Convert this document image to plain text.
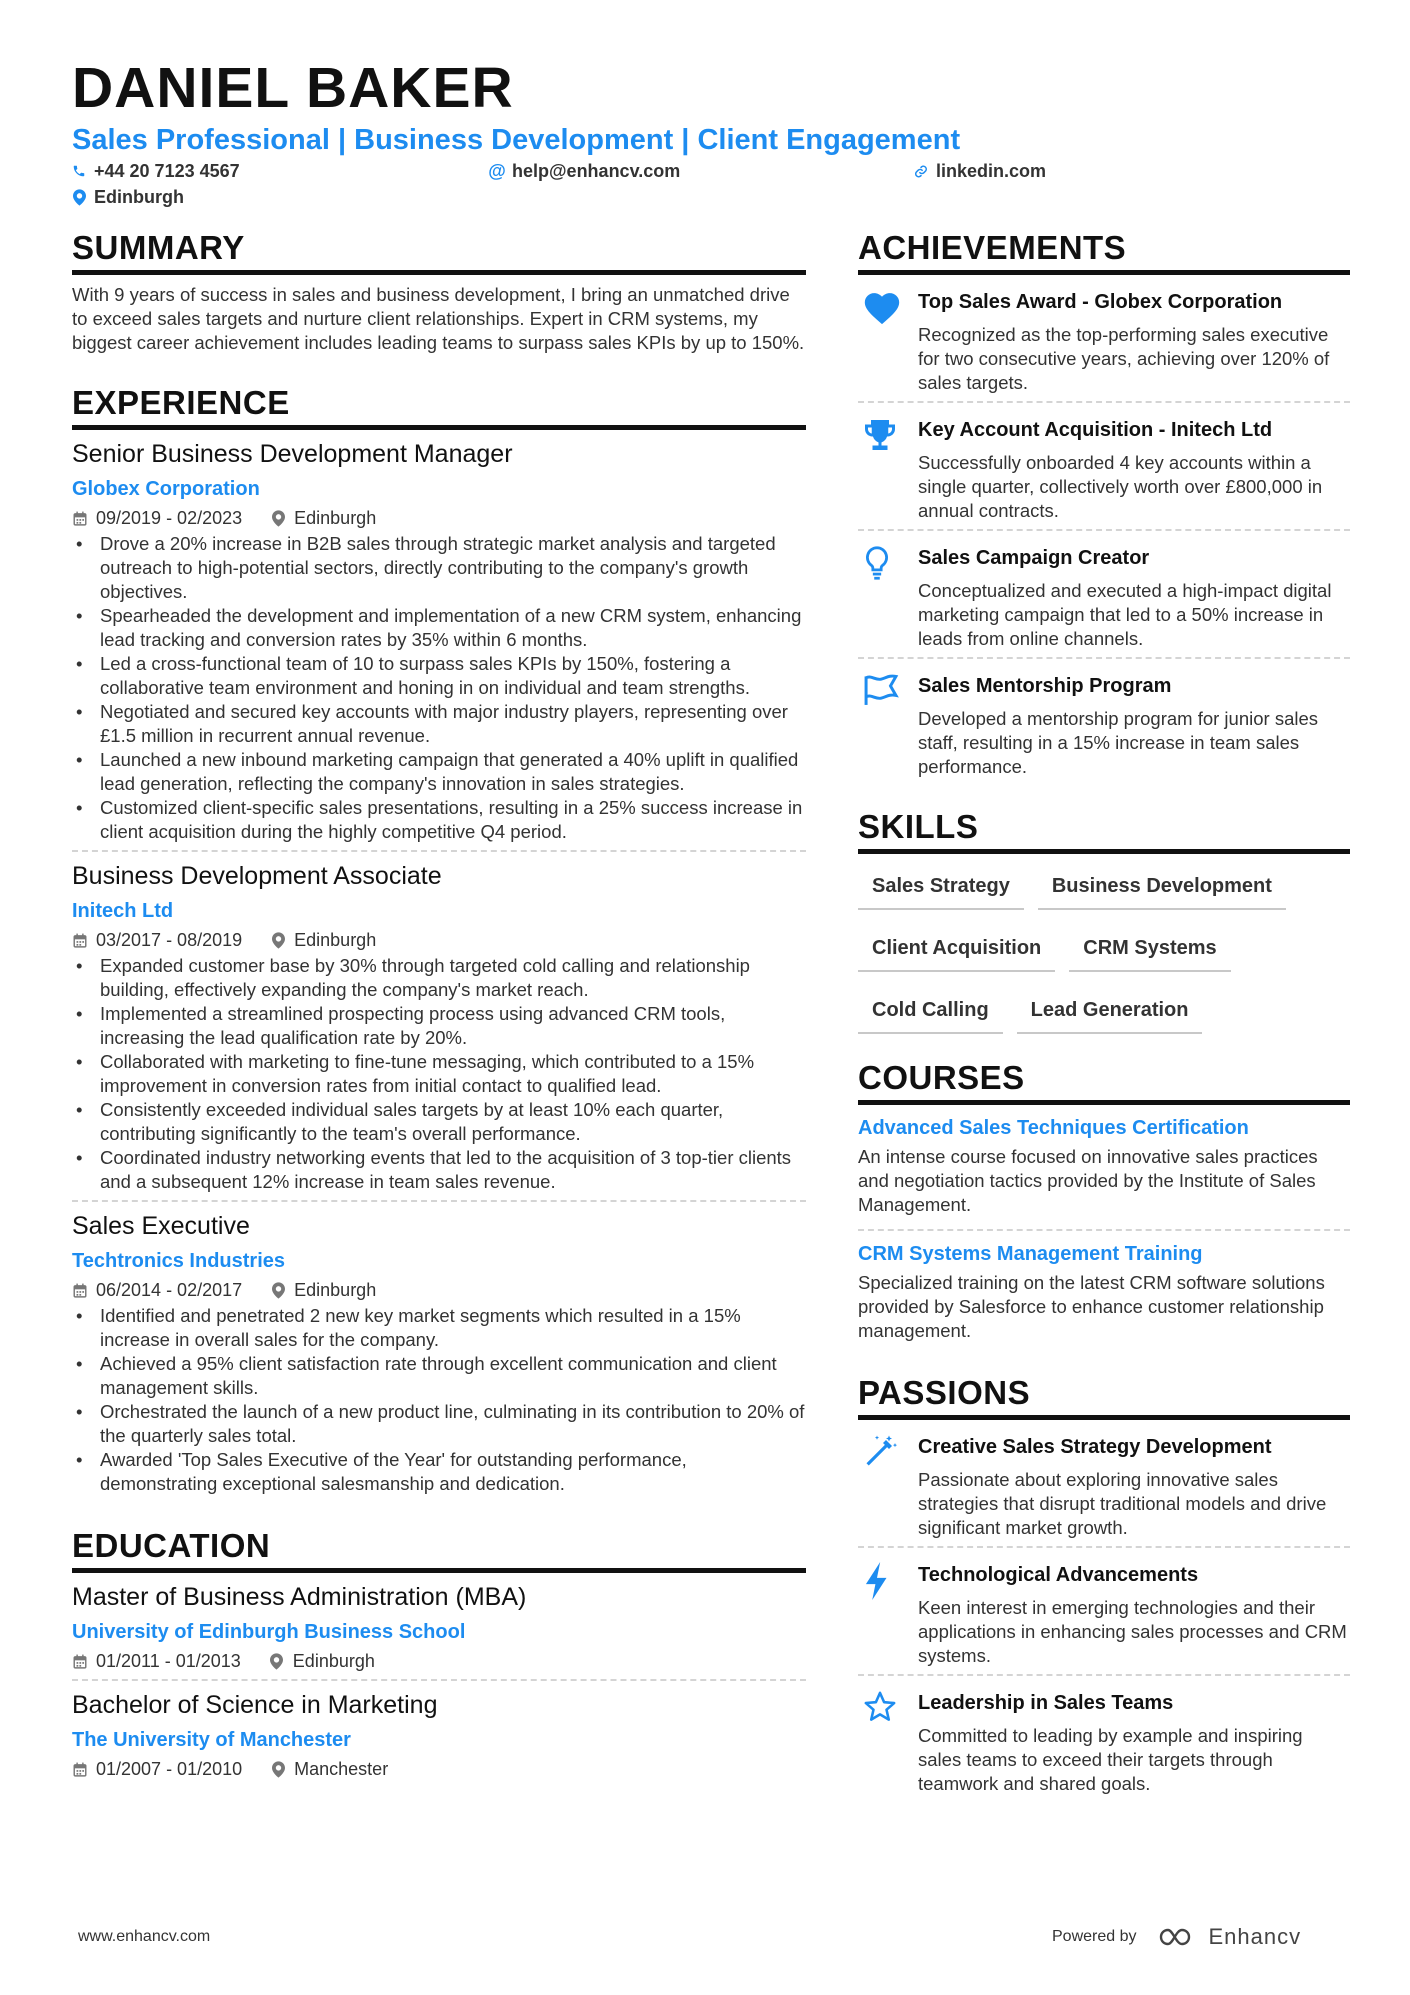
DANIEL BAKER
Sales Professional | Business Development | Client Engagement
+44 20 7123 4567	@ help@enhancv.com	linkedin.com
Edinburgh
SUMMARY
With 9 years of success in sales and business development, I bring an unmatched drive to exceed sales targets and nurture client relationships. Expert in CRM systems, my biggest career achievement includes leading teams to surpass sales KPIs by up to 150%.
EXPERIENCE
Senior Business Development Manager
Globex Corporation
09/2019 - 02/2023	Edinburgh
• Drove a 20% increase in B2B sales through strategic market analysis and targeted outreach to high-potential sectors, directly contributing to the company's growth objectives.
• Spearheaded the development and implementation of a new CRM system, enhancing lead tracking and conversion rates by 35% within 6 months.
• Led a cross-functional team of 10 to surpass sales KPIs by 150%, fostering a collaborative team environment and honing in on individual and team strengths.
• Negotiated and secured key accounts with major industry players, representing over £1.5 million in recurrent annual revenue.
• Launched a new inbound marketing campaign that generated a 40% uplift in qualified lead generation, reflecting the company's innovation in sales strategies.
• Customized client-specific sales presentations, resulting in a 25% success increase in client acquisition during the highly competitive Q4 period.
Business Development Associate
Initech Ltd
03/2017 - 08/2019	Edinburgh
• Expanded customer base by 30% through targeted cold calling and relationship building, effectively expanding the company's market reach.
• Implemented a streamlined prospecting process using advanced CRM tools, increasing the lead qualification rate by 20%.
• Collaborated with marketing to fine-tune messaging, which contributed to a 15% improvement in conversion rates from initial contact to qualified lead.
• Consistently exceeded individual sales targets by at least 10% each quarter, contributing significantly to the team's overall performance.
• Coordinated industry networking events that led to the acquisition of 3 top-tier clients and a subsequent 12% increase in team sales revenue.
Sales Executive
Techtronics Industries
06/2014 - 02/2017	Edinburgh
• Identified and penetrated 2 new key market segments which resulted in a 15% increase in overall sales for the company.
• Achieved a 95% client satisfaction rate through excellent communication and client management skills.
• Orchestrated the launch of a new product line, culminating in its contribution to 20% of the quarterly sales total.
• Awarded 'Top Sales Executive of the Year' for outstanding performance, demonstrating exceptional salesmanship and dedication.
EDUCATION
Master of Business Administration (MBA)
University of Edinburgh Business School
01/2011 - 01/2013	Edinburgh
Bachelor of Science in Marketing
The University of Manchester
01/2007 - 01/2010	Manchester
ACHIEVEMENTS
Top Sales Award - Globex Corporation
Recognized as the top-performing sales executive for two consecutive years, achieving over 120% of sales targets.
Key Account Acquisition - Initech Ltd
Successfully onboarded 4 key accounts within a single quarter, collectively worth over £800,000 in annual contracts.
Sales Campaign Creator
Conceptualized and executed a high-impact digital marketing campaign that led to a 50% increase in leads from online channels.
Sales Mentorship Program
Developed a mentorship program for junior sales staff, resulting in a 15% increase in team sales performance.
SKILLS
Sales Strategy	Business Development
Client Acquisition	CRM Systems
Cold Calling	Lead Generation
COURSES
Advanced Sales Techniques Certification
An intense course focused on innovative sales practices and negotiation tactics provided by the Institute of Sales Management.
CRM Systems Management Training
Specialized training on the latest CRM software solutions provided by Salesforce to enhance customer relationship management.
PASSIONS
Creative Sales Strategy Development
Passionate about exploring innovative sales strategies that disrupt traditional models and drive significant market growth.
Technological Advancements
Keen interest in emerging technologies and their applications in enhancing sales processes and CRM systems.
Leadership in Sales Teams
Committed to leading by example and inspiring sales teams to exceed their targets through teamwork and shared goals.
www.enhancv.com	Powered by	Enhancv
